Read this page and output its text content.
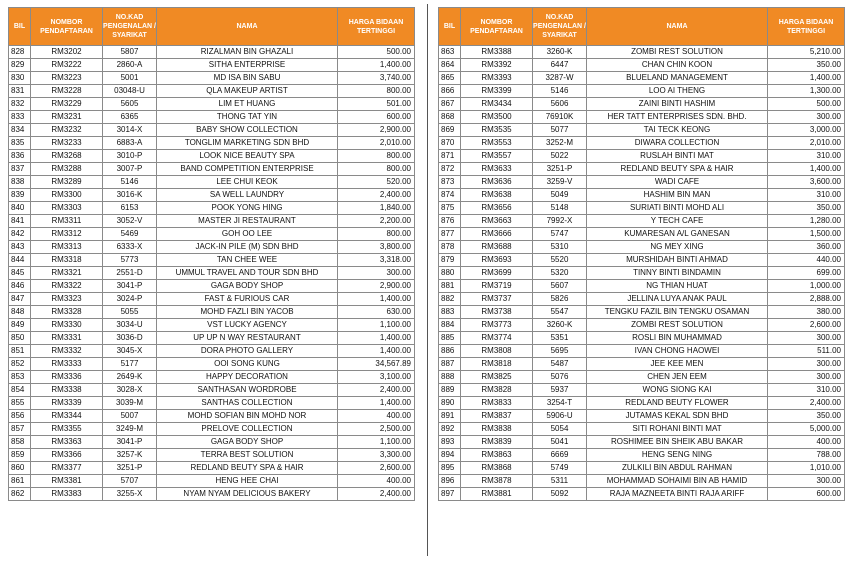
BIL	NOMBOR PENDAFTARAN	NO.KAD PENGENALAN / SYARIKAT	NAMA	HARGA BIDAAN TERTINGGI
828	RM3202	5807	RIZALMAN BIN GHAZALI	500.00
829	RM3222	2860-A	SITHA ENTERPRISE	1,400.00
830	RM3223	5001	MD ISA BIN SABU	3,740.00
831	RM3228	03048-U	QLA MAKEUP ARTIST	800.00
832	RM3229	5605	LIM ET HUANG	501.00
833	RM3231	6365	THONG TAT YIN	600.00
834	RM3232	3014-X	BABY SHOW COLLECTION	2,900.00
835	RM3233	6883-A	TONGLIM MARKETING SDN BHD	2,010.00
836	RM3268	3010-P	LOOK NICE BEAUTY SPA	800.00
837	RM3288	3007-P	BAND COMPETITION ENTERPRISE	800.00
838	RM3289	5146	LEE CHUI KEOK	520.00
839	RM3300	3016-K	SA WELL LAUNDRY	2,400.00
840	RM3303	6153	POOK YONG HING	1,840.00
841	RM3311	3052-V	MASTER JI RESTAURANT	2,200.00
842	RM3312	5469	GOH OO LEE	800.00
843	RM3313	6333-X	JACK-IN PILE (M) SDN BHD	3,800.00
844	RM3318	5773	TAN CHEE WEE	3,318.00
845	RM3321	2551-D	UMMUL TRAVEL AND TOUR SDN BHD	300.00
846	RM3322	3041-P	GAGA BODY SHOP	2,900.00
847	RM3323	3024-P	FAST & FURIOUS CAR	1,400.00
848	RM3328	5055	MOHD FAZLI BIN YACOB	630.00
849	RM3330	3034-U	VST LUCKY AGENCY	1,100.00
850	RM3331	3036-D	UP UP N WAY RESTAURANT	1,400.00
851	RM3332	3045-X	DORA PHOTO GALLERY	1,400.00
852	RM3333	5177	OOI SONG KUNG	34,567.89
853	RM3336	2649-K	HAPPY DECORATION	3,100.00
854	RM3338	3028-X	SANTHASAN WORDROBE	2,400.00
855	RM3339	3039-M	SANTHAS COLLECTION	1,400.00
856	RM3344	5007	MOHD SOFIAN BIN MOHD NOR	400.00
857	RM3355	3249-M	PRELOVE COLLECTION	2,500.00
858	RM3363	3041-P	GAGA BODY SHOP	1,100.00
859	RM3366	3257-K	TERRA BEST SOLUTION	3,300.00
860	RM3377	3251-P	REDLAND BEUTY SPA & HAIR	2,600.00
861	RM3381	5707	HENG HEE CHAI	400.00
862	RM3383	3255-X	NYAM NYAM DELICIOUS BAKERY	2,400.00
BIL	NOMBOR PENDAFTARAN	NO.KAD PENGENALAN / SYARIKAT	NAMA	HARGA BIDAAN TERTINGGI
863	RM3388	3260-K	ZOMBI REST SOLUTION	5,210.00
864	RM3392	6447	CHAN CHIN KOON	350.00
865	RM3393	3287-W	BLUELAND MANAGEMENT	1,400.00
866	RM3399	5146	LOO AI THENG	1,300.00
867	RM3434	5606	ZAINI BINTI HASHIM	500.00
868	RM3500	76910K	HER TATT ENTERPRISES SDN. BHD.	300.00
869	RM3535	5077	TAI TECK KEONG	3,000.00
870	RM3553	3252-M	DIWARA COLLECTION	2,010.00
871	RM3557	5022	RUSLAH BINTI MAT	310.00
872	RM3633	3251-P	REDLAND BEUTY SPA & HAIR	1,400.00
873	RM3636	3259-V	WADI CAFE	3,600.00
874	RM3638	5049	HASHIM BIN MAN	310.00
875	RM3656	5148	SURIATI BINTI MOHD ALI	350.00
876	RM3663	7992-X	Y TECH CAFE	1,280.00
877	RM3666	5747	KUMARESAN A/L GANESAN	1,500.00
878	RM3688	5310	NG MEY XING	360.00
879	RM3693	5520	MURSHIDAH BINTI AHMAD	440.00
880	RM3699	5320	TINNY BINTI BINDAMIN	699.00
881	RM3719	5607	NG THIAN HUAT	1,000.00
882	RM3737	5826	JELLINA LUYA ANAK PAUL	2,888.00
883	RM3738	5547	TENGKU FAZIL BIN TENGKU OSAMAN	380.00
884	RM3773	3260-K	ZOMBI REST SOLUTION	2,600.00
885	RM3774	5351	ROSLI BIN MUHAMMAD	300.00
886	RM3808	5695	IVAN CHONG HAOWEI	511.00
887	RM3818	5487	JEE KEE MEN	300.00
888	RM3825	5076	CHEN JEN EEM	300.00
889	RM3828	5937	WONG SIONG KAI	310.00
890	RM3833	3254-T	REDLAND BEUTY FLOWER	2,400.00
891	RM3837	5906-U	JUTAMAS KEKAL SDN BHD	350.00
892	RM3838	5054	SITI ROHANI BINTI MAT	5,000.00
893	RM3839	5041	ROSHIMEE BIN SHEIK ABU BAKAR	400.00
894	RM3863	6669	HENG SENG NING	788.00
895	RM3868	5749	ZULKILI BIN ABDUL RAHMAN	1,010.00
896	RM3878	5311	MOHAMMAD SOHAIMI BIN AB HAMID	300.00
897	RM3881	5092	RAJA MAZNEETA BINTI RAJA ARIFF	600.00
